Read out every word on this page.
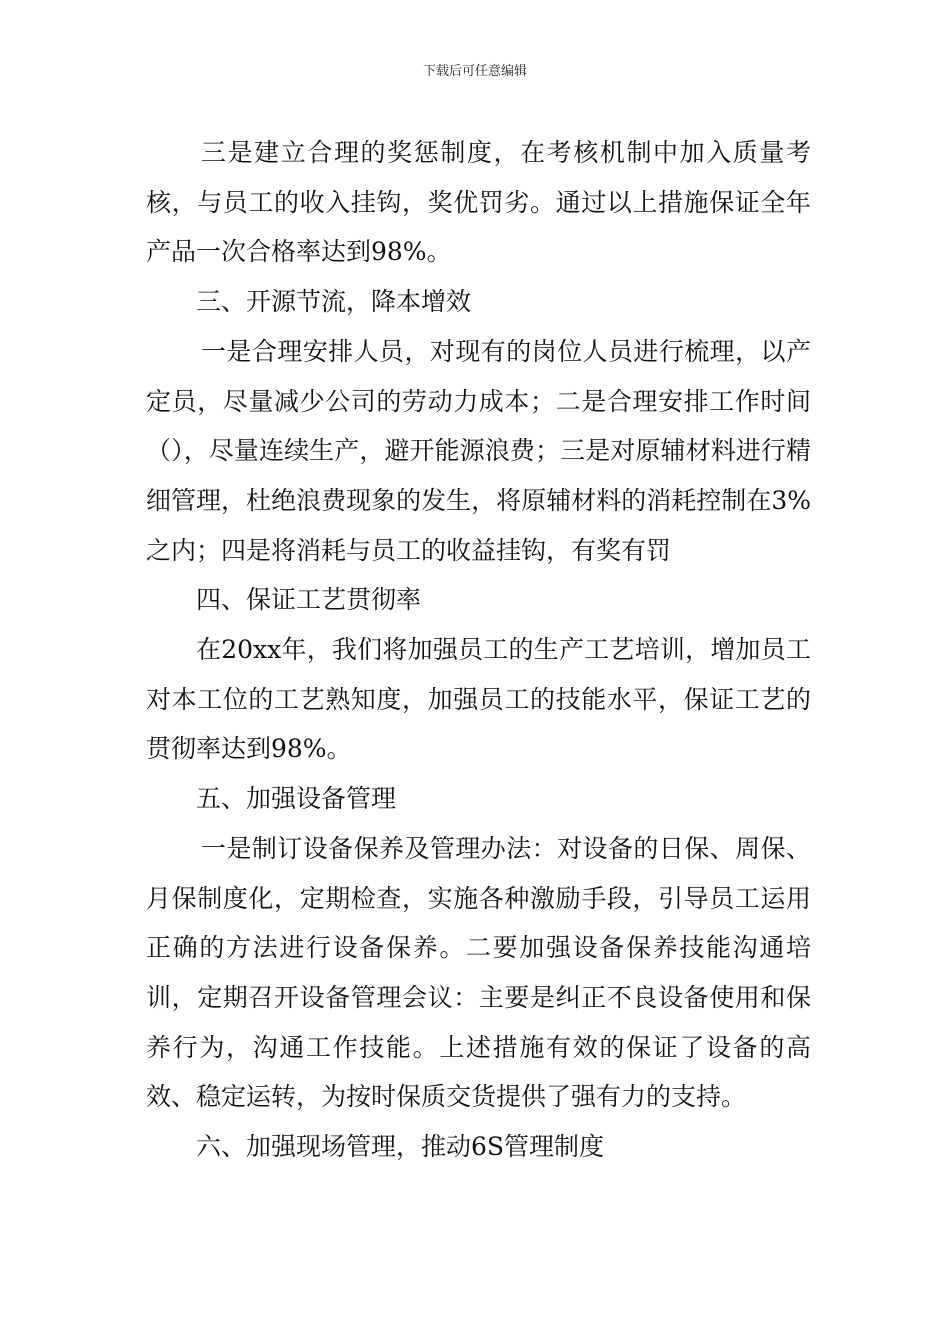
下载后可任意编辑

三是建立合理的奖惩制度，在考核机制中加入质量考核，与员工的收入挂钩，奖优罚劣。通过以上措施保证全年产品一次合格率达到98%。

三、开源节流，降本增效

一是合理安排人员，对现有的岗位人员进行梳理，以产定员，尽量减少公司的劳动力成本；二是合理安排工作时间（），尽量连续生产，避开能源浪费；三是对原辅材料进行精细管理，杜绝浪费现象的发生，将原辅材料的消耗控制在3%之内；四是将消耗与员工的收益挂钩，有奖有罚

四、保证工艺贯彻率

在20xx年，我们将加强员工的生产工艺培训，增加员工对本工位的工艺熟知度，加强员工的技能水平，保证工艺的贯彻率达到98%。

五、加强设备管理

一是制订设备保养及管理办法：对设备的日保、周保、月保制度化，定期检查，实施各种激励手段，引导员工运用正确的方法进行设备保养。二要加强设备保养技能沟通培训，定期召开设备管理会议：主要是纠正不良设备使用和保养行为，沟通工作技能。上述措施有效的保证了设备的高效、稳定运转，为按时保质交货提供了强有力的支持。

六、加强现场管理，推动6S管理制度
